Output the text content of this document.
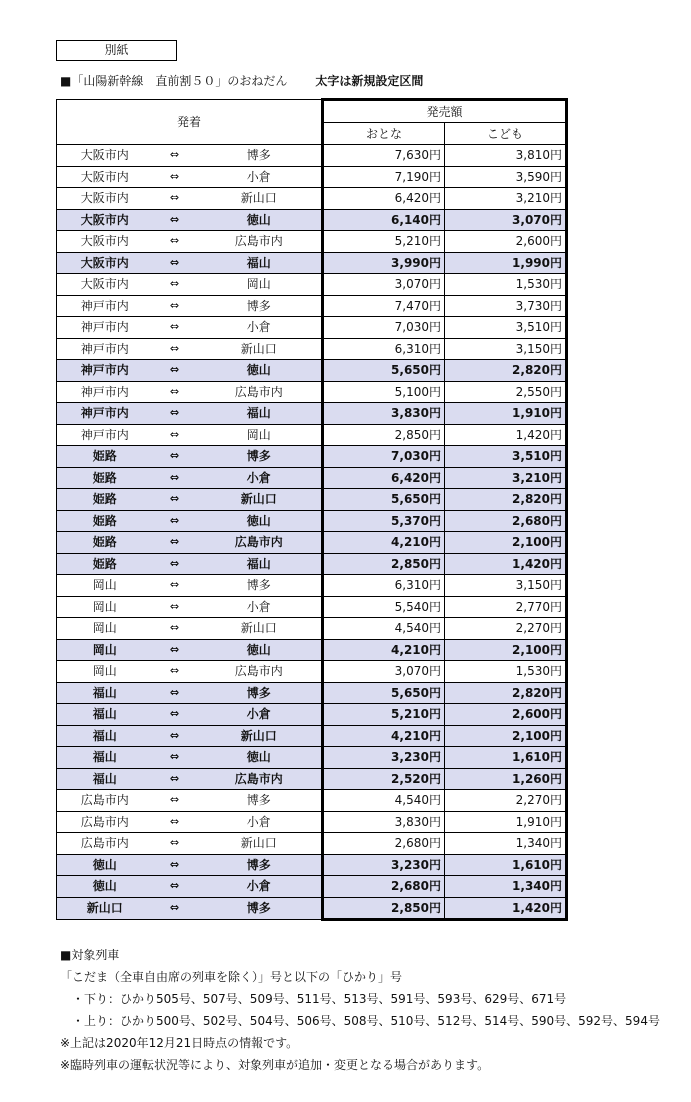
別紙
■「山陽新幹線　直前割５０」のおねだん 太字は新規設定区間
発着			発売額	
			おとな	こども
大阪市内	⇔	博多	7,630円	3,810円
大阪市内	⇔	小倉	7,190円	3,590円
大阪市内	⇔	新山口	6,420円	3,210円
大阪市内	⇔	徳山	6,140円	3,070円
大阪市内	⇔	広島市内	5,210円	2,600円
大阪市内	⇔	福山	3,990円	1,990円
大阪市内	⇔	岡山	3,070円	1,530円
神戸市内	⇔	博多	7,470円	3,730円
神戸市内	⇔	小倉	7,030円	3,510円
神戸市内	⇔	新山口	6,310円	3,150円
神戸市内	⇔	徳山	5,650円	2,820円
神戸市内	⇔	広島市内	5,100円	2,550円
神戸市内	⇔	福山	3,830円	1,910円
神戸市内	⇔	岡山	2,850円	1,420円
姫路	⇔	博多	7,030円	3,510円
姫路	⇔	小倉	6,420円	3,210円
姫路	⇔	新山口	5,650円	2,820円
姫路	⇔	徳山	5,370円	2,680円
姫路	⇔	広島市内	4,210円	2,100円
姫路	⇔	福山	2,850円	1,420円
岡山	⇔	博多	6,310円	3,150円
岡山	⇔	小倉	5,540円	2,770円
岡山	⇔	新山口	4,540円	2,270円
岡山	⇔	徳山	4,210円	2,100円
岡山	⇔	広島市内	3,070円	1,530円
福山	⇔	博多	5,650円	2,820円
福山	⇔	小倉	5,210円	2,600円
福山	⇔	新山口	4,210円	2,100円
福山	⇔	徳山	3,230円	1,610円
福山	⇔	広島市内	2,520円	1,260円
広島市内	⇔	博多	4,540円	2,270円
広島市内	⇔	小倉	3,830円	1,910円
広島市内	⇔	新山口	2,680円	1,340円
徳山	⇔	博多	3,230円	1,610円
徳山	⇔	小倉	2,680円	1,340円
新山口	⇔	博多	2,850円	1,420円
■対象列車
「こだま（全車自由席の列車を除く）」号と以下の「ひかり」号
・下り：ひかり505号、507号、509号、511号、513号、591号、593号、629号、671号
・上り：ひかり500号、502号、504号、506号、508号、510号、512号、514号、590号、592号、594号
※上記は2020年12月21日時点の情報です。
※臨時列車の運転状況等により、対象列車が追加・変更となる場合があります。
